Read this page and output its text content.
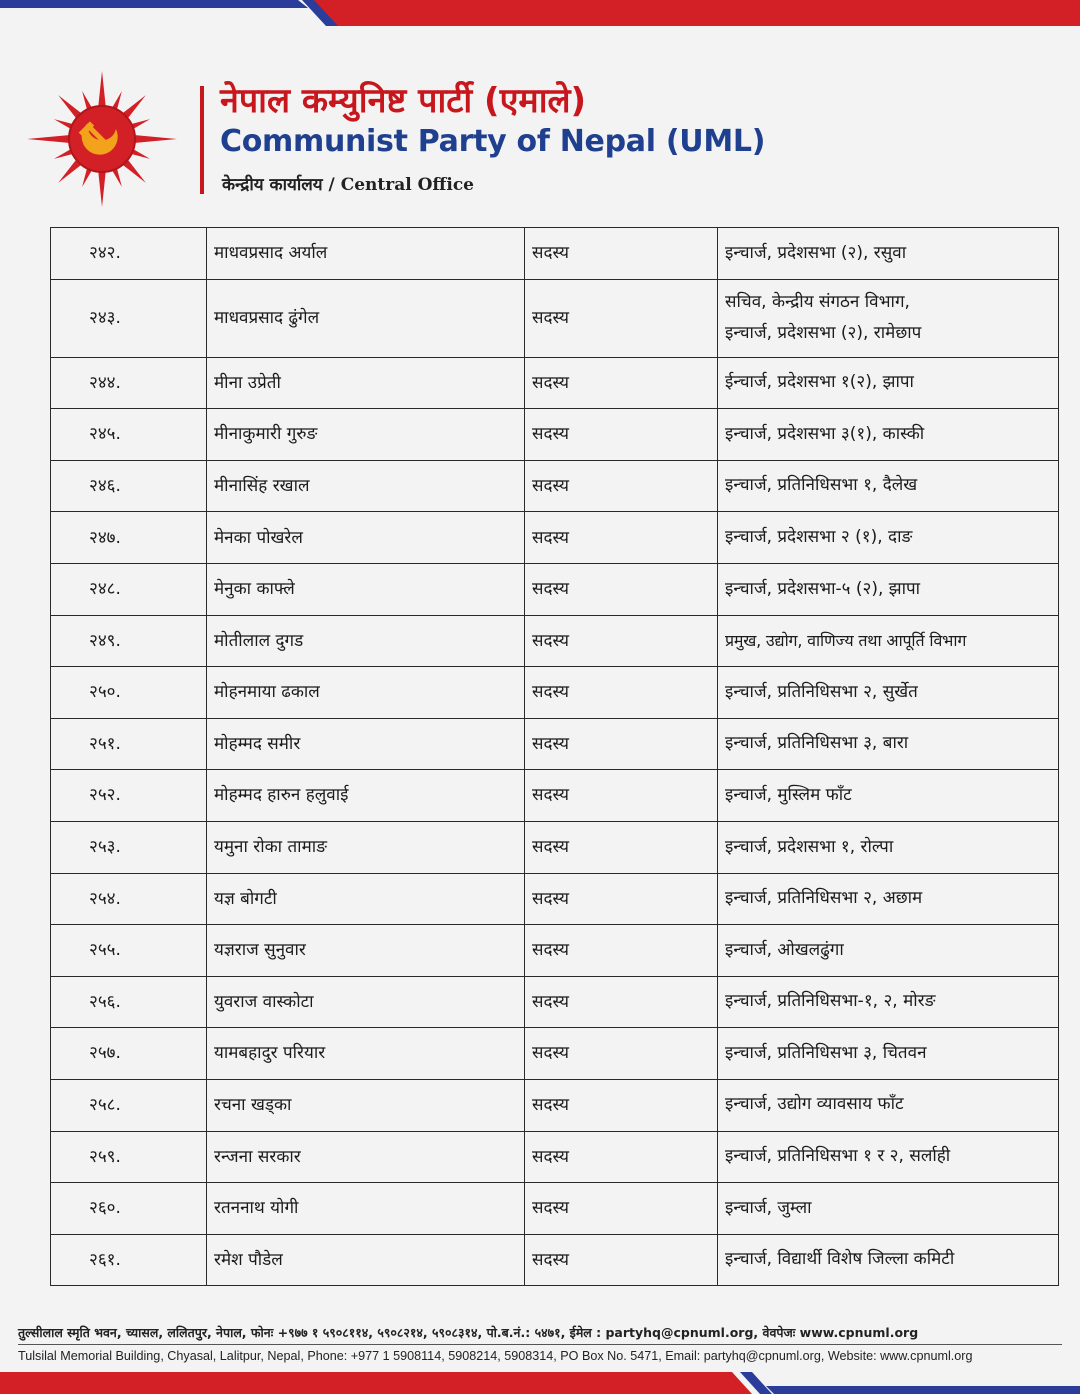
नेपाल कम्युनिष्ट पार्टी (एमाले)
Communist Party of Nepal (UML)
केन्द्रीय कार्यालय / Central Office
२४२.	माधवप्रसाद अर्याल	सदस्य	इन्चार्ज, प्रदेशसभा (२), रसुवा
२४३.	माधवप्रसाद ढुंगेल	सदस्य	सचिव, केन्द्रीय संगठन विभाग,
इन्चार्ज, प्रदेशसभा (२), रामेछाप

२४४.	मीना उप्रेती	सदस्य	ईन्चार्ज, प्रदेशसभा १(२), झापा
२४५.	मीनाकुमारी गुरुङ	सदस्य	इन्चार्ज, प्रदेशसभा ३(१), कास्की
२४६.	मीनासिंह रखाल	सदस्य	इन्चार्ज, प्रतिनिधिसभा १, दैलेख
२४७.	मेनका पोखरेल	सदस्य	इन्चार्ज, प्रदेशसभा २ (१), दाङ
२४८.	मेनुका काफ्ले	सदस्य	इन्चार्ज, प्रदेशसभा-५ (२), झापा
२४९.	मोतीलाल दुगड	सदस्य	प्रमुख, उद्योग, वाणिज्य तथा आपूर्ति विभाग
२५०.	मोहनमाया ढकाल	सदस्य	इन्चार्ज, प्रतिनिधिसभा २, सुर्खेत
२५१.	मोहम्मद समीर	सदस्य	इन्चार्ज, प्रतिनिधिसभा ३, बारा
२५२.	मोहम्मद हारुन हलुवाई	सदस्य	इन्चार्ज, मुस्लिम फाँट
२५३.	यमुना रोका तामाङ	सदस्य	इन्चार्ज, प्रदेशसभा १, रोल्पा
२५४.	यज्ञ बोगटी	सदस्य	इन्चार्ज, प्रतिनिधिसभा २, अछाम
२५५.	यज्ञराज सुनुवार	सदस्य	इन्चार्ज, ओखलढुंगा
२५६.	युवराज वास्कोटा	सदस्य	इन्चार्ज, प्रतिनिधिसभा-१, २, मोरङ
२५७.	यामबहादुर परियार	सदस्य	इन्चार्ज, प्रतिनिधिसभा ३, चितवन
२५८.	रचना खड्का	सदस्य	इन्चार्ज, उद्योग व्यावसाय फाँट
२५९.	रन्जना सरकार	सदस्य	इन्चार्ज, प्रतिनिधिसभा १ र २, सर्लाही
२६०.	रतननाथ योगी	सदस्य	इन्चार्ज, जुम्ला
२६१.	रमेश पौडेल	सदस्य	इन्चार्ज, विद्यार्थी विशेष जिल्ला कमिटी
तुल्सीलाल स्मृति भवन, च्यासल, ललितपुर, नेपाल, फोनः +९७७ १ ५९०८११४, ५९०८२१४, ५९०८३१४, पो.ब.नं.: ५४७१, ईमेल : partyhq@cpnuml.org, वेवपेजः www.cpnuml.org
Tulsilal Memorial Building, Chyasal, Lalitpur, Nepal, Phone: +977 1 5908114, 5908214, 5908314, PO Box No. 5471, Email: partyhq@cpnuml.org, Website: www.cpnuml.org
